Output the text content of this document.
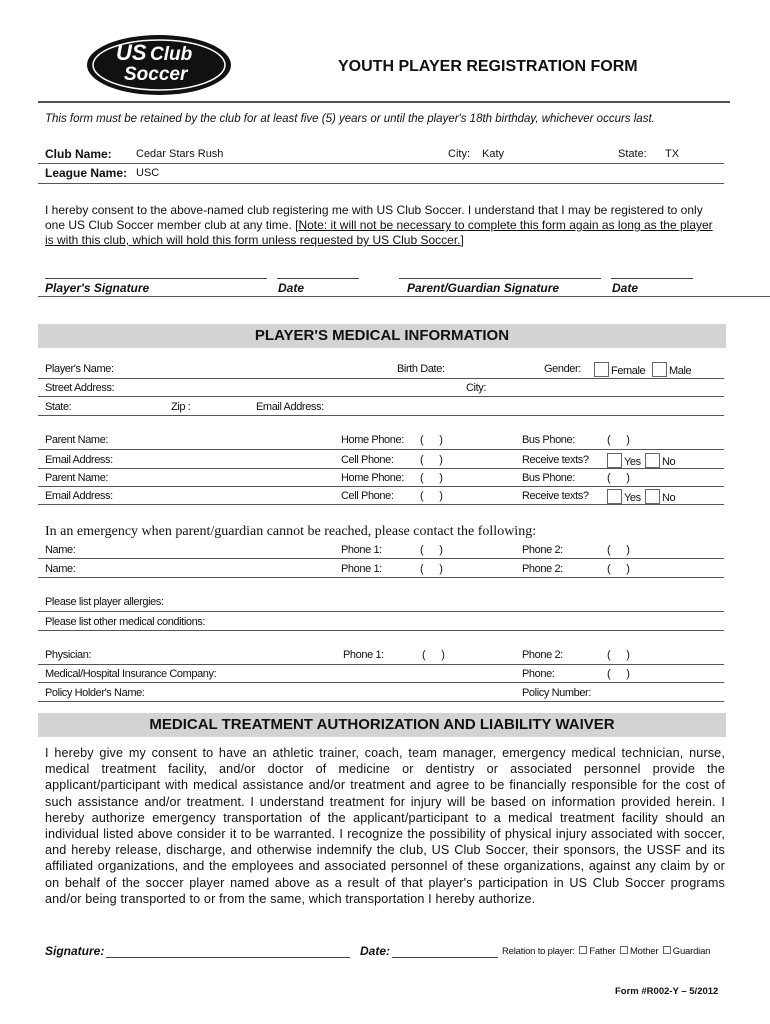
US Club
Soccer	YOUTH PLAYER REGISTRATION FORM
This form must be retained by the club for at least five (5) years or until the player's 18th birthday, whichever occurs last.
Club Name: Cedar Stars Rush	City: Katy	State: TX
League Name: USC
I hereby consent to the above-named club registering me with US Club Soccer. I understand that I may be registered to only one US Club Soccer member club at any time. [Note: it will not be necessary to complete this form again as long as the player is with this club, which will hold this form unless requested by US Club Soccer.]
Player's Signature	Date	Parent/Guardian Signature	Date
PLAYER'S MEDICAL INFORMATION
Player's Name:	Birth Date:	Gender:	Female	Male
Street Address:	City:
State:	Zip :	Email Address:
Parent Name:	Home Phone: (      )	Bus Phone:	(      )
Email Address:	Cell Phone: (      )	Receive texts?	Yes	No
Parent Name:	Home Phone: (      )	Bus Phone:	(      )
Email Address:	Cell Phone: (      )	Receive texts?	Yes	No
In an emergency when parent/guardian cannot be reached, please contact the following:
Name:	Phone 1:	(      )	Phone 2:	(      )
Name:	Phone 1:	(      )	Phone 2:	(      )
Please list player allergies:
Please list other medical conditions:
Physician:	Phone 1:	(      )	Phone 2:	(      )
Medical/Hospital Insurance Company:	Phone:	(      )
Policy Holder's Name:	Policy Number:
MEDICAL TREATMENT AUTHORIZATION AND LIABILITY WAIVER
I hereby give my consent to have an athletic trainer, coach, team manager, emergency medical technician, nurse, medical treatment facility, and/or doctor of medicine or dentistry or associated personnel provide the applicant/participant with medical assistance and/or treatment and agree to be financially responsible for the cost of such assistance and/or treatment. I understand treatment for injury will be based on information provided herein. I hereby authorize emergency transportation of the applicant/participant to a medical treatment facility should an individual listed above consider it to be warranted. I recognize the possibility of physical injury associated with soccer, and hereby release, discharge, and otherwise indemnify the club, US Club Soccer, their sponsors, the USSF and its affiliated organizations, and the employees and associated personnel of these organizations, against any claim by or on behalf of the soccer player named above as a result of that player's participation in US Club Soccer programs and/or being transported to or from the same, which transportation I hereby authorize.
Signature:	Date:	Relation to player: Father Mother Guardian
Form #R002-Y – 5/2012
